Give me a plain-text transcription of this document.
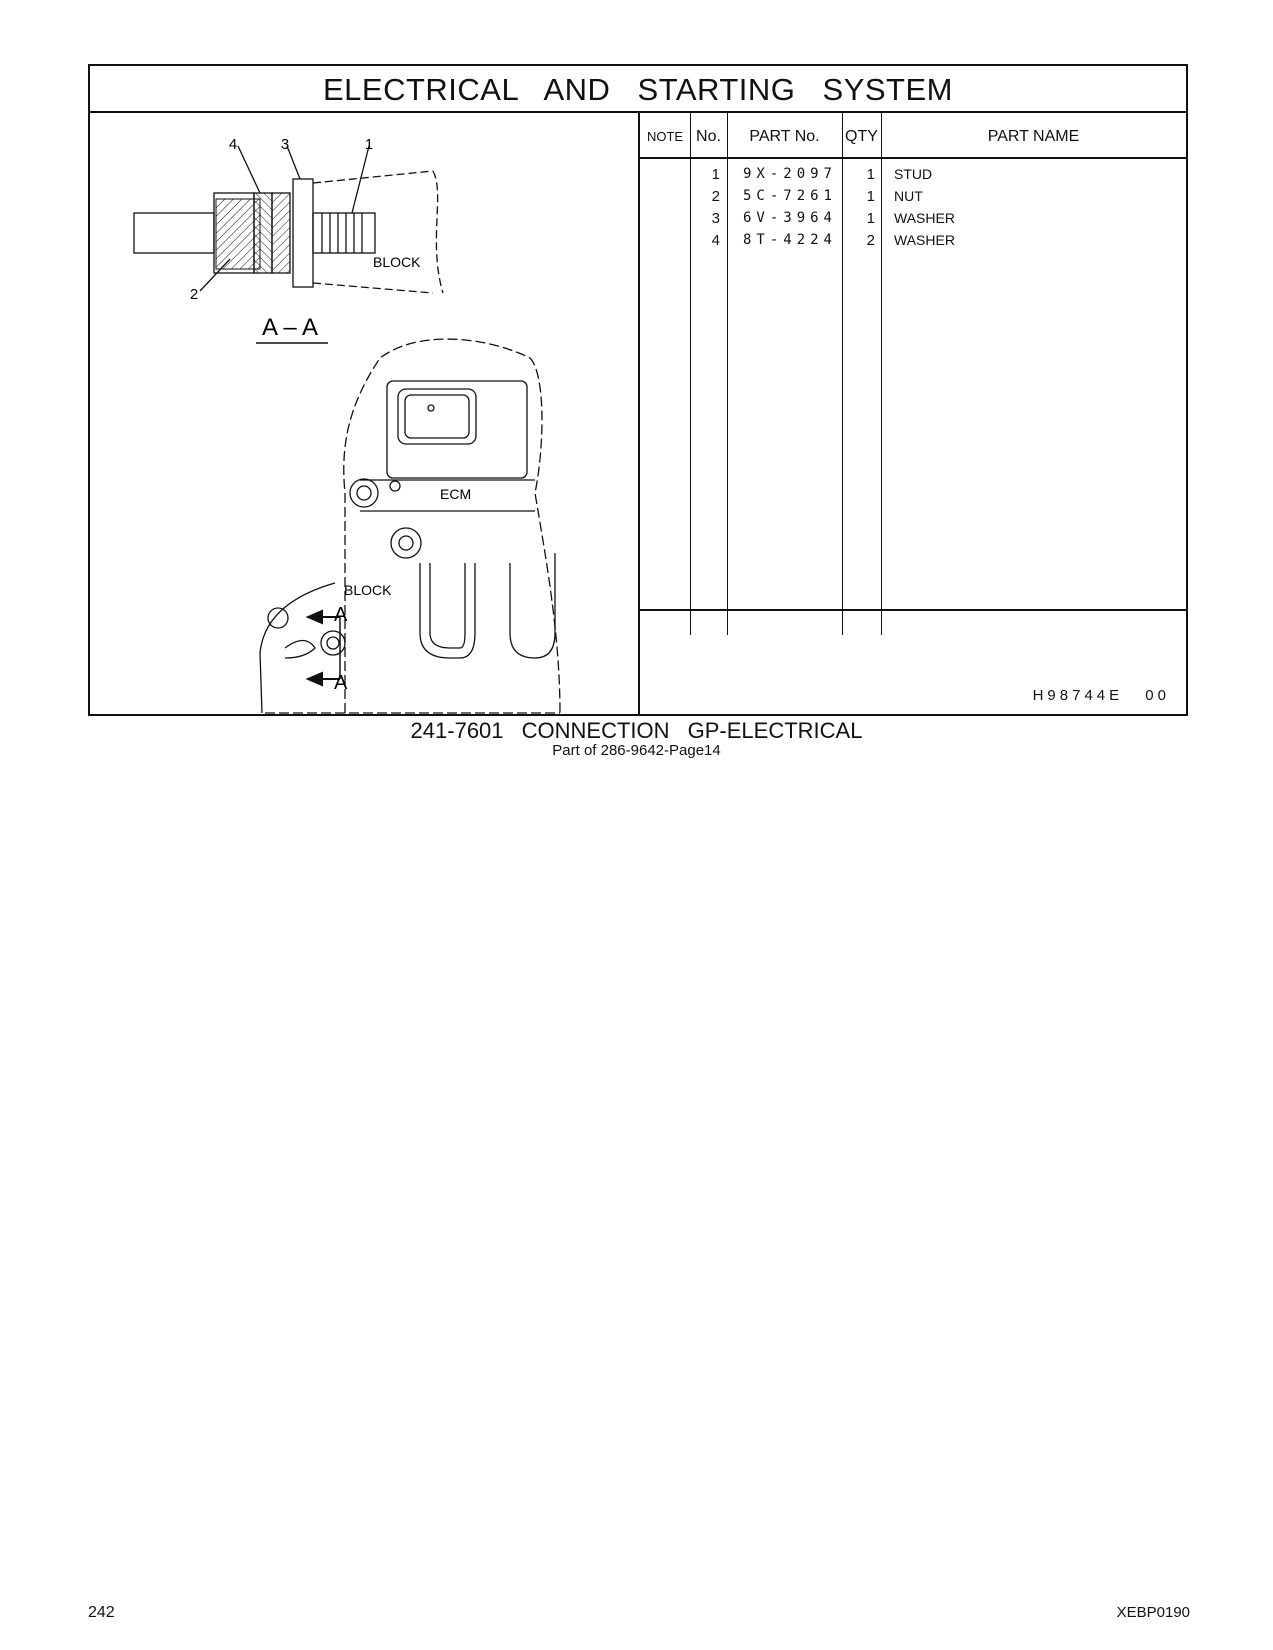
ELECTRICAL AND STARTING SYSTEM
4	3	1
2
BLOCK
A – A
ECM
BLOCK
A
A
NOTE No.	PART No.	QTY	PART NAME
1	9X-2097	1 STUD
2	5C-7261	1 NUT
3	6V-3964	1 WASHER
4	8T-4224	2 WASHER
H98744E 00
241-7601 CONNECTION GP-ELECTRICAL
Part of 286-9642-Page14
242	XEBP0190
